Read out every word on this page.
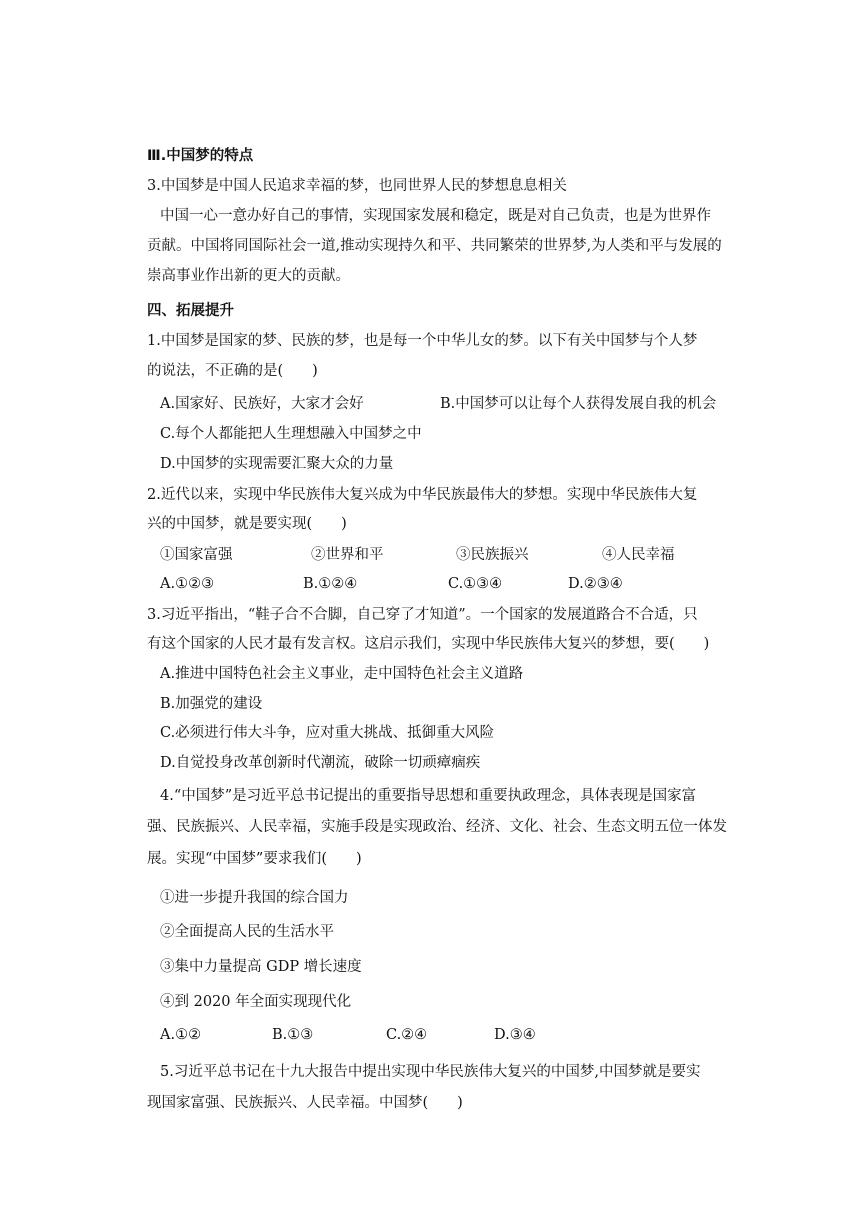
Ⅲ.中国梦的特点
3.中国梦是中国人民追求幸福的梦，也同世界人民的梦想息息相关
中国一心一意办好自己的事情，实现国家发展和稳定，既是对自己负责，也是为世界作
贡献。中国将同国际社会一道,推动实现持久和平、共同繁荣的世界梦,为人类和平与发展的
崇高事业作出新的更大的贡献。
四、拓展提升
1.中国梦是国家的梦、民族的梦，也是每一个中华儿女的梦。以下有关中国梦与个人梦
的说法，不正确的是(　　)
A.国家好、民族好，大家才会好	B.中国梦可以让每个人获得发展自我的机会
C.每个人都能把人生理想融入中国梦之中
D.中国梦的实现需要汇聚大众的力量
2.近代以来，实现中华民族伟大复兴成为中华民族最伟大的梦想。实现中华民族伟大复
兴的中国梦，就是要实现(　　)
①国家富强	②世界和平	③民族振兴	④人民幸福
A.①②③	B.①②④	C.①③④	D.②③④
3.习近平指出，“鞋子合不合脚，自己穿了才知道”。一个国家的发展道路合不合适，只
有这个国家的人民才最有发言权。这启示我们，实现中华民族伟大复兴的梦想，要(　　)
A.推进中国特色社会主义事业，走中国特色社会主义道路
B.加强党的建设
C.必须进行伟大斗争，应对重大挑战、抵御重大风险
D.自觉投身改革创新时代潮流，破除一切顽瘴痼疾
4.“中国梦”是习近平总书记提出的重要指导思想和重要执政理念，具体表现是国家富
强、民族振兴、人民幸福，实施手段是实现政治、经济、文化、社会、生态文明五位一体发
展。实现“中国梦”要求我们(　　)
①进一步提升我国的综合国力
②全面提高人民的生活水平
③集中力量提高 GDP 增长速度
④到 2020 年全面实现现代化
A.①②	B.①③	C.②④	D.③④
5.习近平总书记在十九大报告中提出实现中华民族伟大复兴的中国梦,中国梦就是要实
现国家富强、民族振兴、人民幸福。中国梦(　　)
